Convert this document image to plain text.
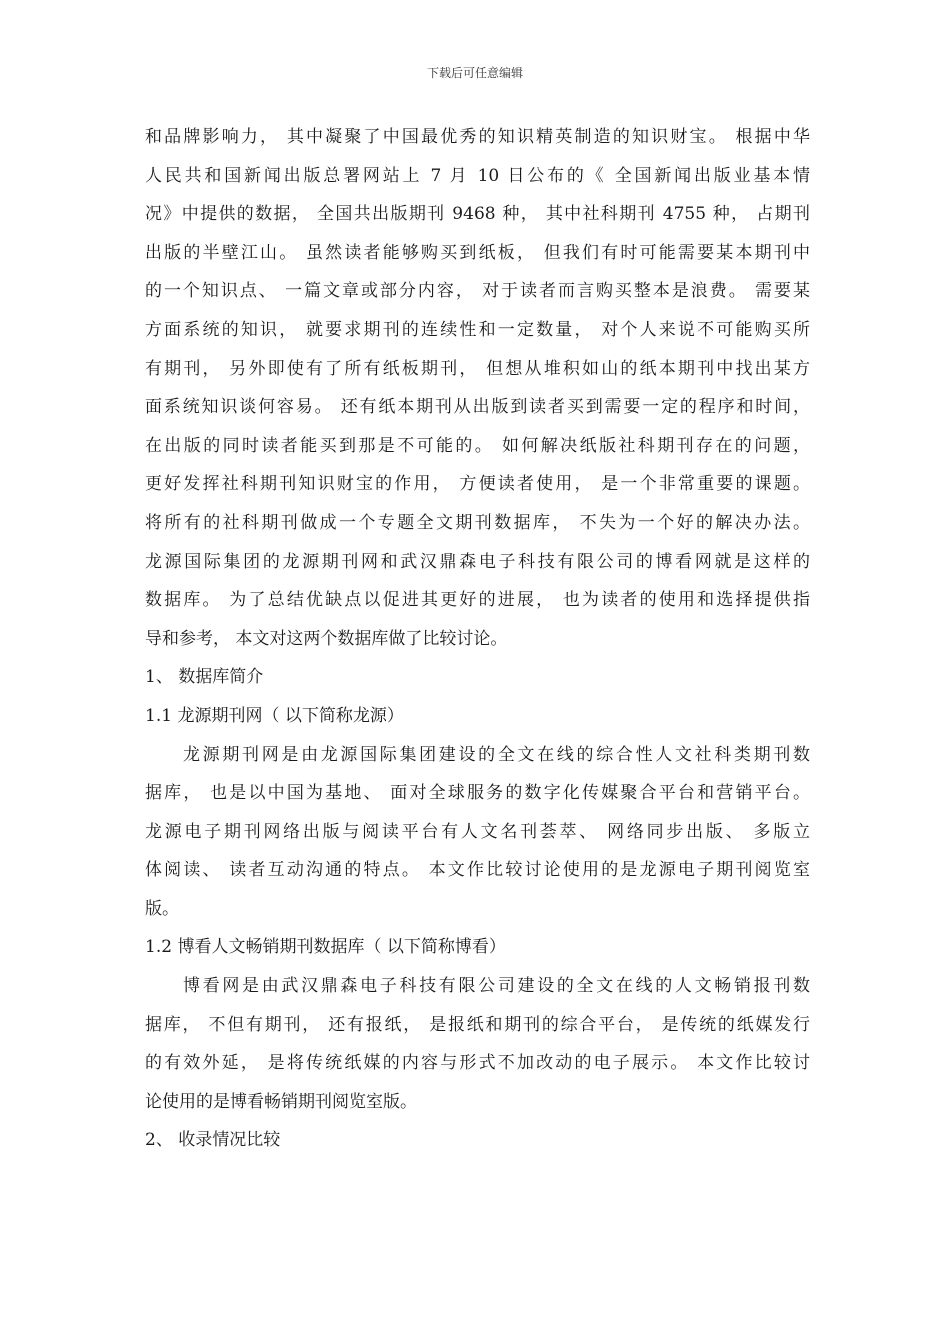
下载后可任意编辑
和品牌影响力， 其中凝聚了中国最优秀的知识精英制造的知识财宝。 根据中华
人民共和国新闻出版总署网站上 7 月 10 日公布的《 全国新闻出版业基本情
况》中提供的数据， 全国共出版期刊 9468 种， 其中社科期刊 4755 种， 占期刊
出版的半壁江山。 虽然读者能够购买到纸板， 但我们有时可能需要某本期刊中
的一个知识点、 一篇文章或部分内容， 对于读者而言购买整本是浪费。 需要某
方面系统的知识， 就要求期刊的连续性和一定数量， 对个人来说不可能购买所
有期刊， 另外即使有了所有纸板期刊， 但想从堆积如山的纸本期刊中找出某方
面系统知识谈何容易。 还有纸本期刊从出版到读者买到需要一定的程序和时间，
在出版的同时读者能买到那是不可能的。 如何解决纸版社科期刊存在的问题，
更好发挥社科期刊知识财宝的作用， 方便读者使用， 是一个非常重要的课题。
将所有的社科期刊做成一个专题全文期刊数据库， 不失为一个好的解决办法。
龙源国际集团的龙源期刊网和武汉鼎森电子科技有限公司的博看网就是这样的
数据库。 为了总结优缺点以促进其更好的进展， 也为读者的使用和选择提供指
导和参考， 本文对这两个数据库做了比较讨论。
1、 数据库简介
1.1 龙源期刊网（ 以下简称龙源）
龙源期刊网是由龙源国际集团建设的全文在线的综合性人文社科类期刊数
据库， 也是以中国为基地、 面对全球服务的数字化传媒聚合平台和营销平台。
龙源电子期刊网络出版与阅读平台有人文名刊荟萃、 网络同步出版、 多版立
体阅读、 读者互动沟通的特点。 本文作比较讨论使用的是龙源电子期刊阅览室
版。
1.2 博看人文畅销期刊数据库（ 以下简称博看）
博看网是由武汉鼎森电子科技有限公司建设的全文在线的人文畅销报刊数
据库， 不但有期刊， 还有报纸， 是报纸和期刊的综合平台， 是传统的纸媒发行
的有效外延， 是将传统纸媒的内容与形式不加改动的电子展示。 本文作比较讨
论使用的是博看畅销期刊阅览室版。
2、 收录情况比较
